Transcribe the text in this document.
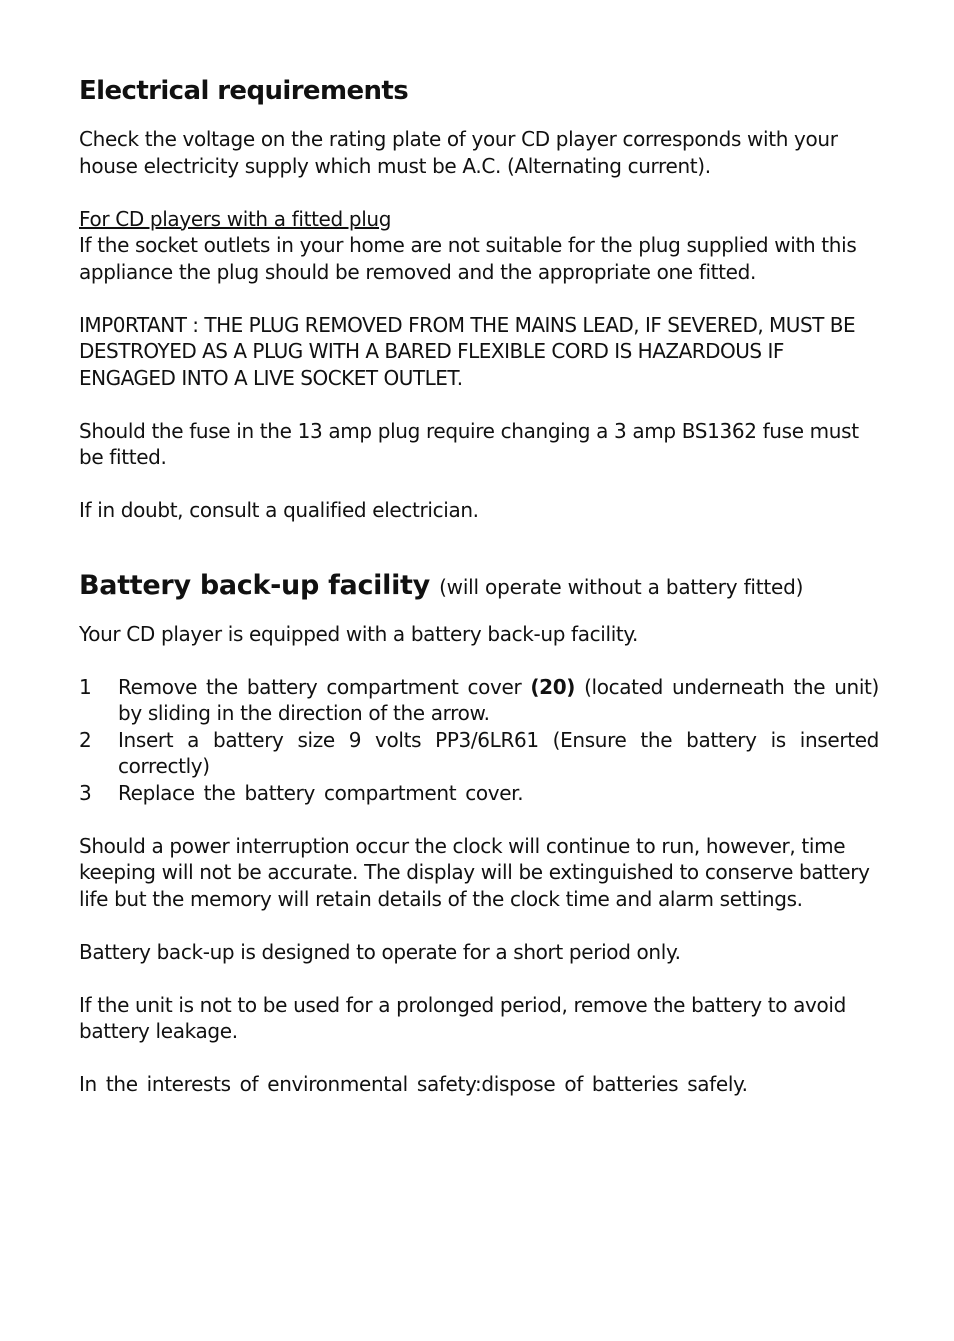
Electrical requirements

Check the voltage on the rating plate of your CD player corresponds with your house electricity supply which must be A.C. (Alternating current).

For CD players with a fitted plug

If the socket outlets in your home are not suitable for the plug supplied with this appliance the plug should be removed and the appropriate one fitted.

IMP0RTANT : THE PLUG REMOVED FROM THE MAINS LEAD, IF SEVERED, MUST BE DESTROYED AS A PLUG WITH A BARED FLEXIBLE CORD IS HAZARDOUS IF ENGAGED INTO A LIVE SOCKET OUTLET.

Should the fuse in the 13 amp plug require changing a 3 amp BS1362 fuse must be fitted.

If in doubt, consult a qualified electrician.

Battery back-up facility (will operate without a battery fitted)

Your CD player is equipped with a battery back-up facility.

1 Remove the battery compartment cover (20) (located underneath the unit) by sliding in the direction of the arrow.
2 Insert a battery size 9 volts PP3/6LR61 (Ensure the battery is inserted correctly)
3 Replace the battery compartment cover.

Should a power interruption occur the clock will continue to run, however, time keeping will not be accurate. The display will be extinguished to conserve battery life but the memory will retain details of the clock time and alarm settings.

Battery back-up is designed to operate for a short period only.

If the unit is not to be used for a prolonged period, remove the battery to avoid battery leakage.

In the interests of environmental safety:dispose of batteries safely.
